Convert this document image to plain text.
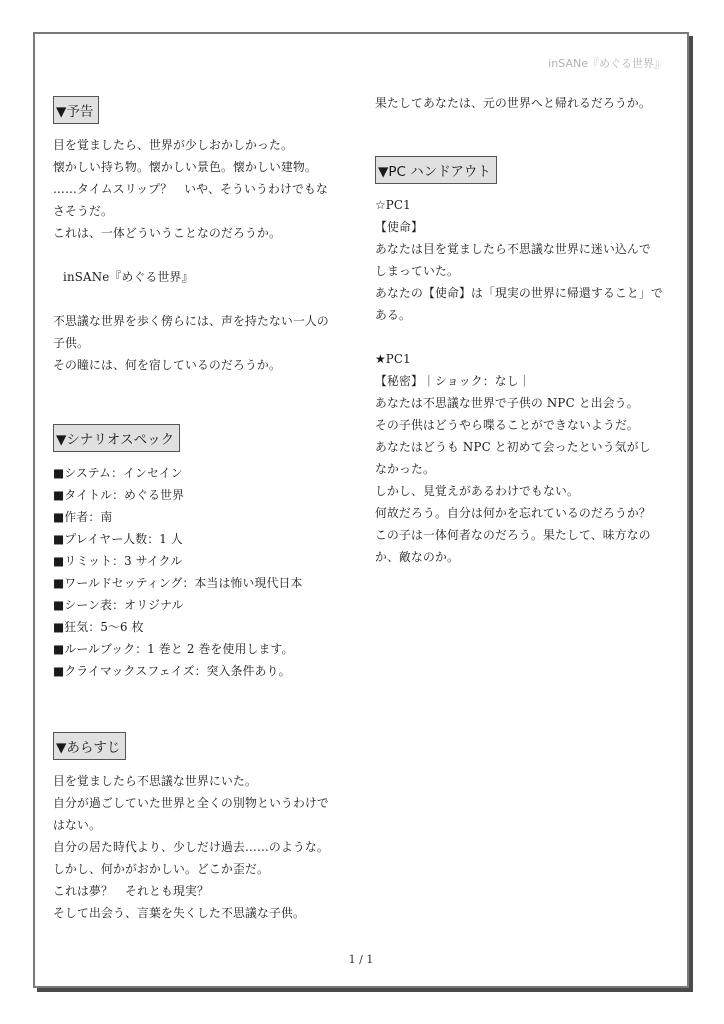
inSANe『めぐる世界』
▼予告
目を覚ましたら、世界が少しおかしかった。
懐かしい持ち物。懐かしい景色。懐かしい建物。
……タイムスリップ？　いや、そういうわけでもな
さそうだ。
これは、一体どういうことなのだろうか。
inSANe『めぐる世界』
不思議な世界を歩く傍らには、声を持たない一人の
子供。
その瞳には、何を宿しているのだろうか。
▼シナリオスペック
■システム：インセイン
■タイトル：めぐる世界
■作者：南
■プレイヤー人数：1 人
■リミット：3 サイクル
■ワールドセッティング：本当は怖い現代日本
■シーン表：オリジナル
■狂気：5〜6 枚
■ルールブック：1 巻と 2 巻を使用します。
■クライマックスフェイズ：突入条件あり。
▼あらすじ
目を覚ましたら不思議な世界にいた。
自分が過ごしていた世界と全くの別物というわけで
はない。
自分の居た時代より、少しだけ過去……のような。
しかし、何かがおかしい。どこか歪だ。
これは夢？　それとも現実？
そして出会う、言葉を失くした不思議な子供。
果たしてあなたは、元の世界へと帰れるだろうか。
▼PC ハンドアウト
☆PC1
【使命】
あなたは目を覚ましたら不思議な世界に迷い込んで
しまっていた。
あなたの【使命】は「現実の世界に帰還すること」で
ある。
★PC1
【秘密】｜ショック：なし｜
あなたは不思議な世界で子供の NPC と出会う。
その子供はどうやら喋ることができないようだ。
あなたはどうも NPC と初めて会ったという気がし
なかった。
しかし、見覚えがあるわけでもない。
何故だろう。自分は何かを忘れているのだろうか？
この子は一体何者なのだろう。果たして、味方なの
か、敵なのか。
1 / 1
